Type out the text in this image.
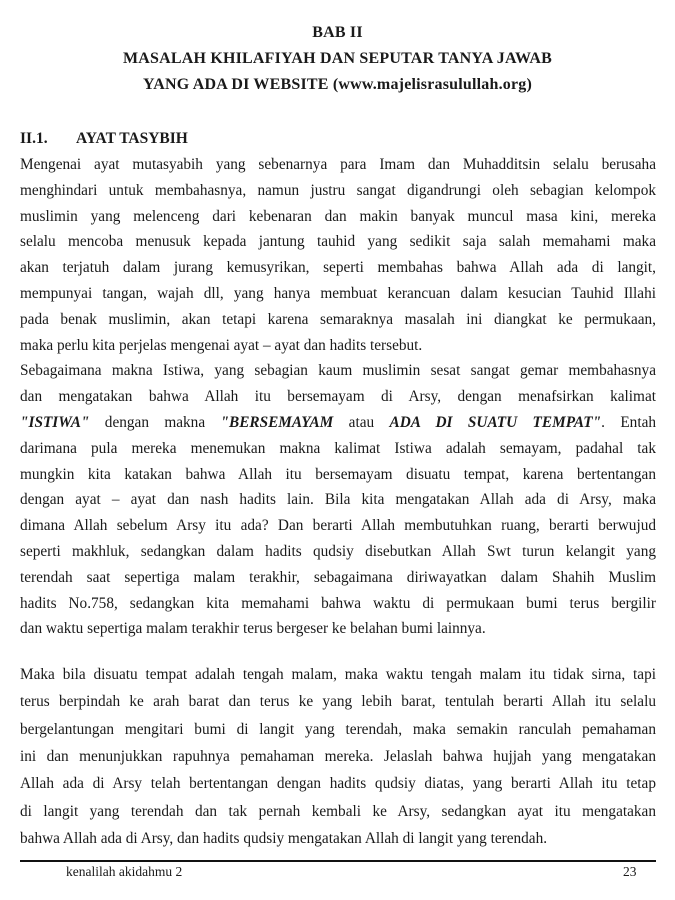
BAB II
MASALAH KHILAFIYAH DAN SEPUTAR TANYA JAWAB
YANG ADA DI WEBSITE (www.majelisrasulullah.org)
II.1. AYAT TASYBIH
Mengenai ayat mutasyabih yang sebenarnya para Imam dan Muhadditsin selalu berusaha
menghindari untuk membahasnya, namun justru sangat digandrungi oleh sebagian kelompok
muslimin yang melenceng dari kebenaran dan makin banyak muncul masa kini, mereka
selalu mencoba menusuk kepada jantung tauhid yang sedikit saja salah memahami maka
akan terjatuh dalam jurang kemusyrikan, seperti membahas bahwa Allah ada di langit,
mempunyai tangan, wajah dll, yang hanya membuat kerancuan dalam kesucian Tauhid Illahi
pada benak muslimin, akan tetapi karena semaraknya masalah ini diangkat ke permukaan,
maka perlu kita perjelas mengenai ayat – ayat dan hadits tersebut.
Sebagaimana makna Istiwa, yang sebagian kaum muslimin sesat sangat gemar membahasnya
dan mengatakan bahwa Allah itu bersemayam di Arsy, dengan menafsirkan kalimat
"ISTIWA" dengan makna "BERSEMAYAM atau ADA DI SUATU TEMPAT". Entah
darimana pula mereka menemukan makna kalimat Istiwa adalah semayam, padahal tak
mungkin kita katakan bahwa Allah itu bersemayam disuatu tempat, karena bertentangan
dengan ayat – ayat dan nash hadits lain. Bila kita mengatakan Allah ada di Arsy, maka
dimana Allah sebelum Arsy itu ada? Dan berarti Allah membutuhkan ruang, berarti berwujud
seperti makhluk, sedangkan dalam hadits qudsiy disebutkan Allah Swt turun kelangit yang
terendah saat sepertiga malam terakhir, sebagaimana diriwayatkan dalam Shahih Muslim
hadits No.758, sedangkan kita memahami bahwa waktu di permukaan bumi terus bergilir
dan waktu sepertiga malam terakhir terus bergeser ke belahan bumi lainnya.
Maka bila disuatu tempat adalah tengah malam, maka waktu tengah malam itu tidak sirna, tapi
terus berpindah ke arah barat dan terus ke yang lebih barat, tentulah berarti Allah itu selalu
bergelantungan mengitari bumi di langit yang terendah, maka semakin ranculah pemahaman
ini dan menunjukkan rapuhnya pemahaman mereka. Jelaslah bahwa hujjah yang mengatakan
Allah ada di Arsy telah bertentangan dengan hadits qudsiy diatas, yang berarti Allah itu tetap
di langit yang terendah dan tak pernah kembali ke Arsy, sedangkan ayat itu mengatakan
bahwa Allah ada di Arsy, dan hadits qudsiy mengatakan Allah di langit yang terendah.
kenalilah akidahmu 2	23
